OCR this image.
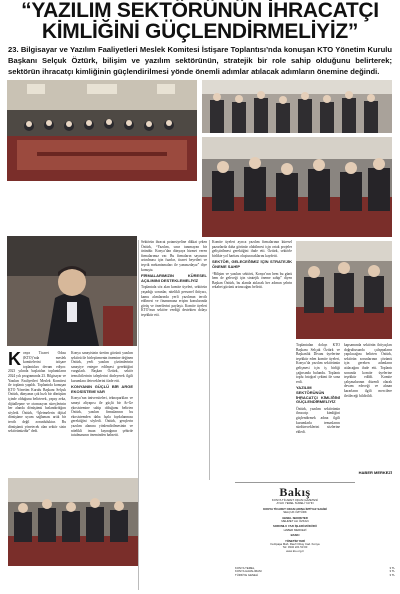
“YAZILIM SEKTÖRÜNÜN İHRACATÇI
KİMLİĞİNİ GÜÇLENDİRMELİYİZ”
23. Bilgisayar ve Yazılım Faaliyetleri Meslek Komitesi İstişare Toplantısı’nda konuşan KTO Yönetim Kurulu Başkanı Selçuk Öztürk, bilişim ve yazılım sektörünün, stratejik bir role sahip olduğunu belirterek; sektörün ihracatçı kimliğinin güçlendirilmesi yönde önemli adımlar atılacak adımların önemine değindi.
K onya Ticaret Odası (KTO)’nda meslek komitelerini istişare toplantıları devam ediyor. 2023 yılında başlatılan toplantıların 2024 yılı programında 23. Bilgisayar ve Yazılım Faaliyetleri Meslek Komitesi ile toplantı yapıldı. Toplantıda konuşan KTO Yönetim Kurulu Başkanı Selçuk Öztürk, dünyanın çok hızlı bir dönüşüm içinde olduğunu belirterek, yapay zeka, dijitalleşme ve otomasyon süreçlerinin her alanda dönüşümü hızlandırdığını söyledi. Öztürk, “İşletmelerin dijital dönüşüme uyum sağlaması artık bir tercih değil zorunluluktur. Bu dönüşümü yönetecek olan sektör sizin sektörünüzdür” dedi.
Konya sanayisinin üretim gücünü yazılım sektörü ile birleştirmenin önemine değinen Öztürk, yerli yazılım çözümlerinin sanayiye entegre edilmesi gerektiğini vurguladı. Başkan Öztürk, sektör temsilcilerinin taleplerini dinleyerek ilgili kurumlara ileteceklerini ifade etti.
KONYANIN GÜÇLÜ BİR ARGE EKOSİSTEMİ VAR
Konya’nın üniversiteleri, teknoparkları ve sanayi altyapısı ile güçlü bir Ar-Ge ekosistemine sahip olduğunu belirten Öztürk, yazılım firmalarının bu ekosistemden daha fazla faydalanması gerektiğini söyledi. Öztürk, gençlerin yazılım alanına yönlendirilmesinin ve nitelikli insan kaynağının şehirde tutulmasının öneminden bahsetti.
Sektörün ihracat potansiyeline dikkat çeken Öztürk, “Yazılım, sınır tanımayan bir üründür. Konya’dan dünyaya hizmet veren firmalarımız var. Bu firmaların sayısının artırılması için fuarlar, ticaret heyetleri ve teşvik mekanizmaları ile yanınızdayız” diye konuştu.
FİRMALARIMIZIN KÜRESEL AÇILIMINI DESTEKLEMELİYİZ
Toplantıda söz alan komite üyeleri, sektörün yaşadığı sorunlar, nitelikli personel ihtiyacı, kamu alımlarında yerli yazılımın tercih edilmesi ve finansmana erişim konularında görüş ve önerilerini paylaştı. Komite üyeleri KTO’nun sektöre verdiği destekten dolayı teşekkür etti.
Komite üyeleri ayrıca yazılım firmalarının küresel pazarlarda daha görünür olabilmesi için ortak projeler geliştirilmesi gerektiğini ifade etti. Öztürk, sektörle birlikte yol haritası oluşturacaklarını kaydetti.
SEKTÖR, GELECEĞİMİZ İÇİN STRATEJİK ÖNEME SAHİP
“Bilişim ve yazılım sektörü, Konya’nın hem bu günü hem de geleceği için stratejik öneme sahip” diyen Başkan Öztürk, bu alanda atılacak her adımın şehrin rekabet gücünü artıracağını belirtti.
Toplantıdan dolayı KTO Başkanı Selçuk Öztürk ve Başkanlık Divanı üyelerine teşekkür eden komite üyeleri, Konya’da yazılım sektörünün gelişmesi için iş birliği çağrısında bulundu. Toplantı toplu fotoğraf çekimi ile sona erdi.
YAZILIM SEKTÖRÜNÜN İHRACATÇI KİMLİĞİNİ GÜÇLENDİRMELİYİZ
Öztürk, yazılım sektörünün ihracatçı kimliğini güçlendirmek adına ilgili kurumlarla temaslarını sürdüreceklerini sözlerine ekledi.
kapsamında sektörün ihtiyaçları doğrultusunda çalışmaların yapılacağını belirten Öztürk, sektörün sorunlarının çözümü için gereken adımların atılacağını ifade etti. Toplantı sonunda komite üyelerine teşekkür edildi. Komite çalışmalarının düzenli olarak devam edeceği ve alınan kararların ilgili mercilere iletileceği bildirildi.
HABER MERKEZİ
Bakış
KONYA TİCARET ODASI GAZETESİ
AYLIK YEREL SÜRELİ YAYIN
KONYA TİCARET ODASI ADINA İMTİYAZ SAHİBİ
SELÇUK ÖZTÜRK
GENEL SEKRETER
MEHMET ALI ÖZKAN
SORUMLU YAZI İŞLERİ MÜDÜRÜ
HABER MERKEZİ
BASKI
YÖNETİM YERİ
Feritpaşa Mah. Rauf Orbay Cad. Konya
Tel: 0332 221 53 00
www.kto.org.tr
KONYA TEMEL	3 TL
KONYA HAVALİMANI	3 TL
TÜRKİYE GENELİ	3 TL
